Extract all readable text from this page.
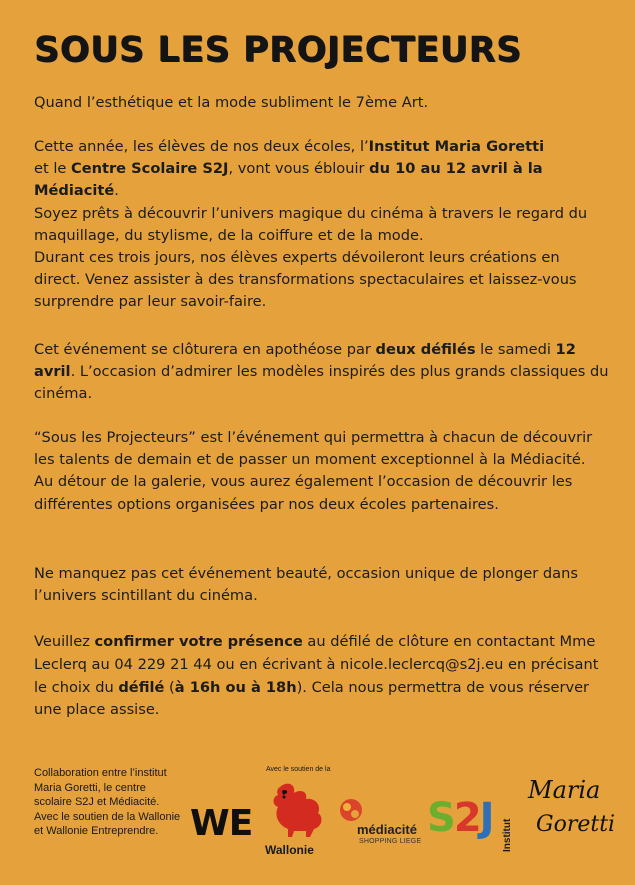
SOUS LES PROJECTEURS

Quand l’esthétique et la mode subliment le 7ème Art.

Cette année, les élèves de nos deux écoles, l’Institut Maria Goretti
et le Centre Scolaire S2J, vont vous éblouir du 10 au 12 avril à la Médiacité.
Soyez prêts à découvrir l’univers magique du cinéma à travers le regard du maquillage, du stylisme, de la coiffure et de la mode.
Durant ces trois jours, nos élèves experts dévoileront leurs créations en direct. Venez assister à des transformations spectaculaires et laissez-vous surprendre par leur savoir-faire.

Cet événement se clôturera en apothéose par deux défilés le samedi 12 avril. L’occasion d’admirer les modèles inspirés des plus grands classiques du cinéma.

“Sous les Projecteurs” est l’événement qui permettra à chacun de découvrir les talents de demain et de passer un moment exceptionnel à la Médiacité. Au détour de la galerie, vous aurez également l’occasion de découvrir les différentes options organisées par nos deux écoles partenaires.

Ne manquez pas cet événement beauté, occasion unique de plonger dans l’univers scintillant du cinéma.

Veuillez confirmer votre présence au défilé de clôture en contactant Mme Leclerq au 04 229 21 44 ou en écrivant à nicole.leclercq@s2j.eu en précisant le choix du défilé (à 16h ou à 18h). Cela nous permettra de vous réserver une place assise.

Collaboration entre l’institut Maria Goretti, le centre scolaire S2J et Médiacité. Avec le soutien de la Wallonie et Wallonie Entreprendre. WE
Avec le soutien de la
Wallonie
médiacité
SHOPPING LIEGE
S2J Institut
Maria
Goretti
